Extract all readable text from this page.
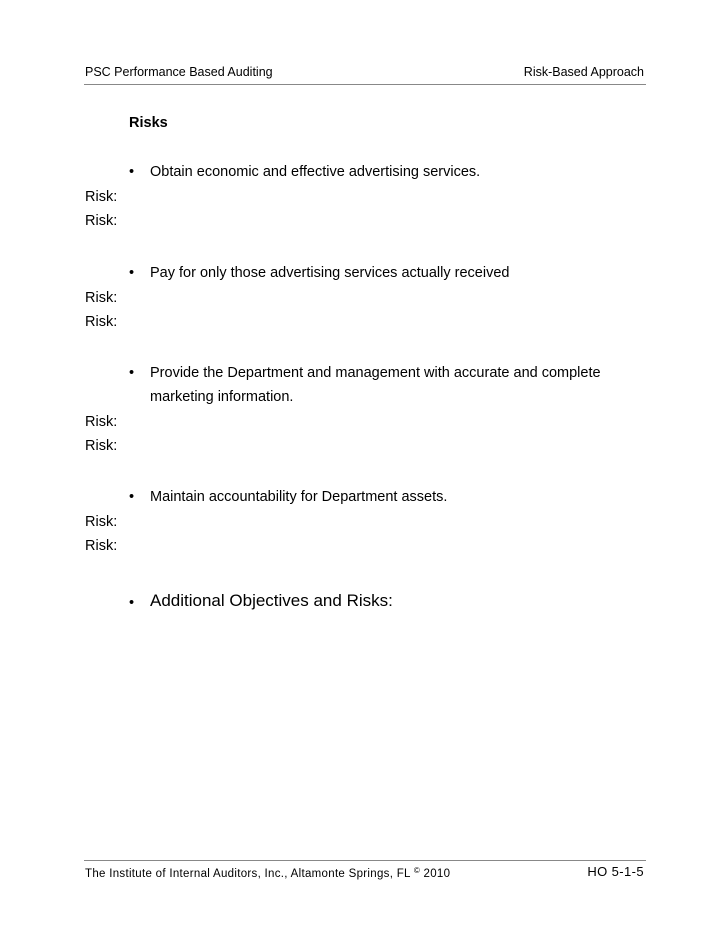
PSC Performance Based Auditing	Risk-Based Approach
Risks
• Obtain economic and effective advertising services.
Risk:
Risk:
• Pay for only those advertising services actually received
Risk:
Risk:
• Provide the Department and management with accurate and complete
marketing information.
Risk:
Risk:
• Maintain accountability for Department assets.
Risk:
Risk:
• Additional Objectives and Risks:
The Institute of Internal Auditors, Inc., Altamonte Springs, FL © 2010	HO 5-1-5
